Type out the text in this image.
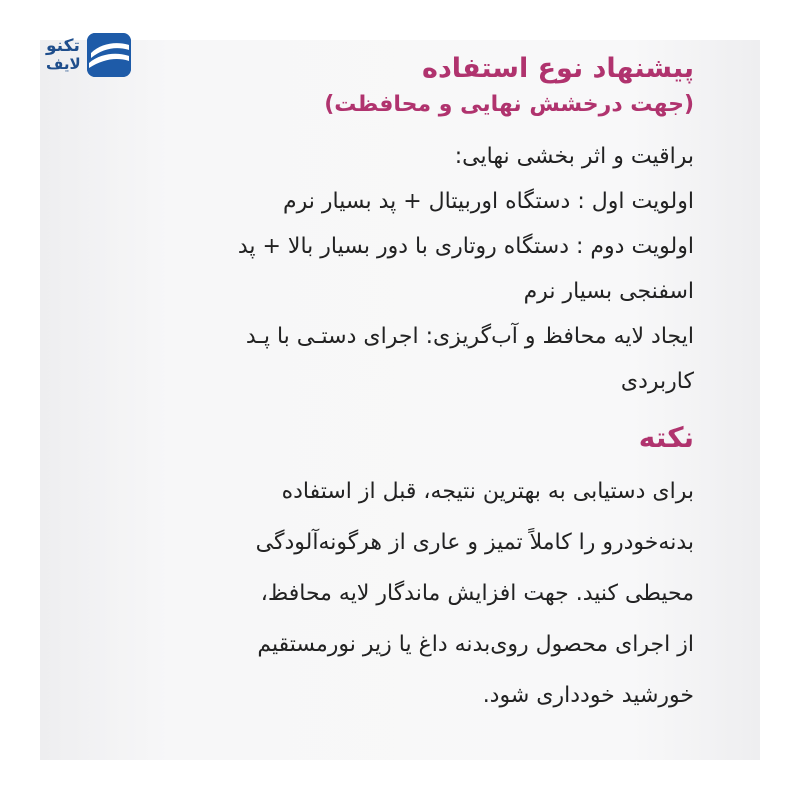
تکنو
لایف	پیشنهاد نوع استفاده
(جهت درخشش نهایی و محافظت)
براقیت و اثر بخشی نهایی:
اولویت اول : دستگاه اوربیتال + پد بسیار نرم
اولویت دوم : دستگاه روتاری با دور بسیار بالا + پد
اسفنجی بسیار نرم
ایجاد لایه محافظ و آب‌گریزی: اجرای دستـی با پـد
کاربردی
نکته
برای دستیابی به بهترین نتیجه، قبل از استفاده
بدنه‌خودرو را کاملاً تمیز و عاری از هرگونه‌آلودگی
محیطی کنید. جهت افزایش ماندگار لایه محافظ،
از اجرای محصول روی‌بدنه داغ یا زیر نورمستقیم
خورشید خودداری شود.
